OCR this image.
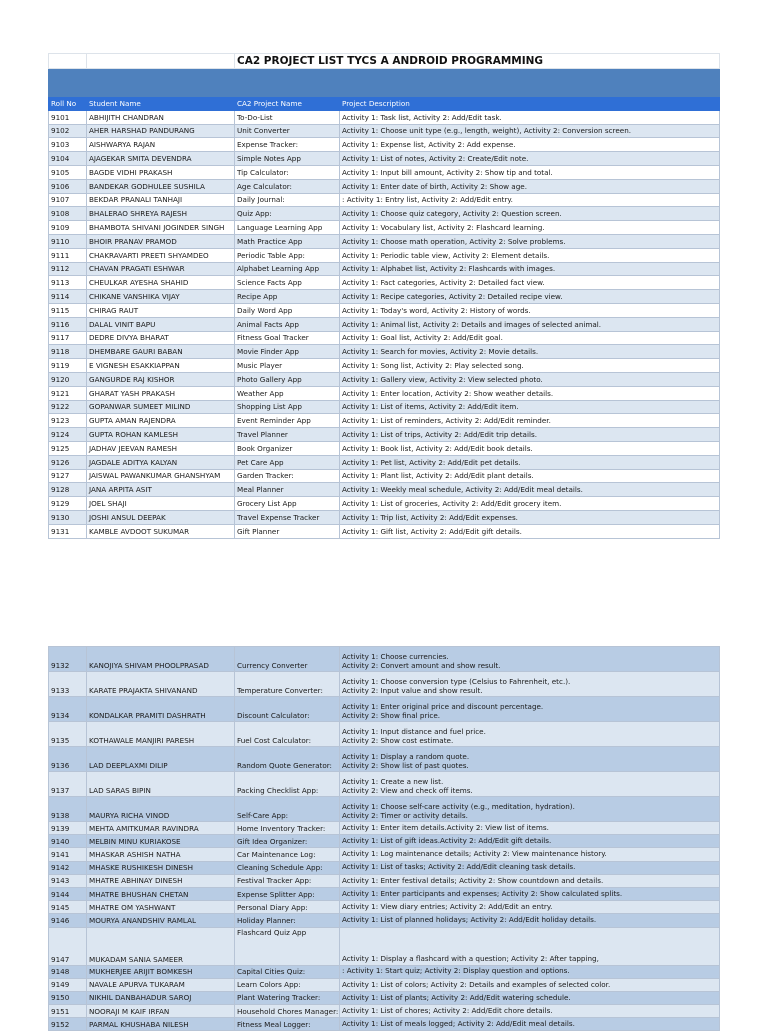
		CA2 PROJECT LIST TYCS A ANDROID PROGRAMMING	

Roll No	Student Name	CA2 Project Name	Project Description
9101	ABHIJITH CHANDRAN	To-Do-List	Activity 1: Task list, Activity 2: Add/Edit task.
9102	AHER HARSHAD PANDURANG	Unit Converter	Activity 1: Choose unit type (e.g., length, weight), Activity 2: Conversion screen.
9103	AISHWARYA RAJAN	Expense Tracker:	Activity 1: Expense list, Activity 2: Add expense.
9104	AJAGEKAR SMITA DEVENDRA	Simple Notes App	Activity 1: List of notes, Activity 2: Create/Edit note.
9105	BAGDE VIDHI PRAKASH	Tip Calculator:	Activity 1: Input bill amount, Activity 2: Show tip and total.
9106	BANDEKAR GODHULEE SUSHILA	Age Calculator:	Activity 1: Enter date of birth, Activity 2: Show age.
9107	BEKDAR PRANALI TANHAJI	Daily Journal:	: Activity 1: Entry list, Activity 2: Add/Edit entry.
9108	BHALERAO SHREYA RAJESH	Quiz App:	Activity 1: Choose quiz category, Activity 2: Question screen.
9109	BHAMBOTA SHIVANI JOGINDER SINGH	Language Learning App	Activity 1: Vocabulary list, Activity 2: Flashcard learning.
9110	BHOIR PRANAV PRAMOD	Math Practice App	Activity 1: Choose math operation, Activity 2: Solve problems.
9111	CHAKRAVARTI PREETI SHYAMDEO	Periodic Table App:	Activity 1: Periodic table view, Activity 2: Element details.
9112	CHAVAN PRAGATI ESHWAR	Alphabet Learning App	Activity 1: Alphabet list, Activity 2: Flashcards with images.
9113	CHEULKAR AYESHA SHAHID	Science Facts App	Activity 1: Fact categories, Activity 2: Detailed fact view.
9114	CHIKANE VANSHIKA VIJAY	Recipe App	Activity 1: Recipe categories, Activity 2: Detailed recipe view.
9115	CHIRAG RAUT	Daily Word App	Activity 1: Today's word, Activity 2: History of words.
9116	DALAL VINIT BAPU	Animal Facts App	Activity 1: Animal list, Activity 2: Details and images of selected animal.
9117	DEDRE DIVYA BHARAT	Fitness Goal Tracker	Activity 1: Goal list, Activity 2: Add/Edit goal.
9118	DHEMBARE GAURI BABAN	Movie Finder App	Activity 1: Search for movies, Activity 2: Movie details.
9119	E VIGNESH ESAKKIAPPAN	Music Player	Activity 1: Song list, Activity 2: Play selected song.
9120	GANGURDE RAJ KISHOR	Photo Gallery App	Activity 1: Gallery view, Activity 2: View selected photo.
9121	GHARAT YASH PRAKASH	Weather App	Activity 1: Enter location, Activity 2: Show weather details.
9122	GOPANWAR SUMEET MILIND	Shopping List App	Activity 1: List of items, Activity 2: Add/Edit item.
9123	GUPTA AMAN RAJENDRA	Event Reminder App	Activity 1: List of reminders, Activity 2: Add/Edit reminder.
9124	GUPTA ROHAN KAMLESH	Travel Planner	Activity 1: List of trips, Activity 2: Add/Edit trip details.
9125	JADHAV JEEVAN RAMESH	Book Organizer	Activity 1: Book list, Activity 2: Add/Edit book details.
9126	JAGDALE ADITYA KALYAN	Pet Care App	Activity 1: Pet list, Activity 2: Add/Edit pet details.
9127	JAISWAL PAWANKUMAR GHANSHYAM	Garden Tracker:	Activity 1: Plant list, Activity 2: Add/Edit plant details.
9128	JANA ARPITA ASIT	Meal Planner	Activity 1: Weekly meal schedule, Activity 2: Add/Edit meal details.
9129	JOEL SHAJI	Grocery List App	Activity 1: List of groceries, Activity 2: Add/Edit grocery item.
9130	JOSHI ANSUL DEEPAK	Travel Expense Tracker	Activity 1: Trip list, Activity 2: Add/Edit expenses.
9131	KAMBLE AVDOOT SUKUMAR	Gift Planner	Activity 1: Gift list, Activity 2: Add/Edit gift details.
9132	KANOJIYA SHIVAM PHOOLPRASAD	Currency Converter	Activity 1: Choose currencies.
Activity 2: Convert amount and show result.

9133	KARATE PRAJAKTA SHIVANAND	Temperature Converter:	Activity 1: Choose conversion type (Celsius to Fahrenheit, etc.).
Activity 2: Input value and show result.

9134	KONDALKAR PRAMITI DASHRATH	Discount Calculator:	Activity 1: Enter original price and discount percentage.
Activity 2: Show final price.

9135	KOTHAWALE MANJIRI PARESH	Fuel Cost Calculator:	Activity 1: Input distance and fuel price.
Activity 2: Show cost estimate.

9136	LAD DEEPLAXMI DILIP	Random Quote Generator:	Activity 1: Display a random quote.
Activity 2: Show list of past quotes.

9137	LAD SARAS BIPIN	Packing Checklist App:	Activity 1: Create a new list.
Activity 2: View and check off items.

9138	MAURYA RICHA VINOD	Self-Care App:	Activity 1: Choose self-care activity (e.g., meditation, hydration).
Activity 2: Timer or activity details.

9139	MEHTA AMITKUMAR RAVINDRA	Home Inventory Tracker:	Activity 1: Enter item details.Activity 2: View list of items.

9140	MELBIN MINU KURIAKOSE	Gift Idea Organizer:	Activity 1: List of gift ideas.Activity 2: Add/Edit gift details.

9141	MHASKAR ASHISH NATHA	Car Maintenance Log:	Activity 1: Log maintenance details; Activity 2: View maintenance history.

9142	MHASKE RUSHIKESH DINESH	Cleaning Schedule App:	Activity 1: List of tasks; Activity 2: Add/Edit cleaning task details.

9143	MHATRE ABHINAY DINESH	Festival Tracker App:	Activity 1: Enter festival details; Activity 2: Show countdown and details.

9144	MHATRE BHUSHAN CHETAN	Expense Splitter App:	Activity 1: Enter participants and expenses; Activity 2: Show calculated splits.

9145	MHATRE OM YASHWANT	Personal Diary App:	Activity 1: View diary entries; Activity 2: Add/Edit an entry.

9146	MOURYA ANANDSHIV RAMLAL	Holiday Planner:	Activity 1: List of planned holidays; Activity 2: Add/Edit holiday details.

9147	MUKADAM SANIA SAMEER	Flashcard Quiz App	Activity 1: Display a flashcard with a question; Activity 2: After tapping,

9148	MUKHERJEE ARIJIT BOMKESH	Capital Cities Quiz:	: Activity 1: Start quiz; Activity 2: Display question and options.

9149	NAVALE APURVA TUKARAM	Learn Colors App:	Activity 1: List of colors; Activity 2: Details and examples of selected color.

9150	NIKHIL DANBAHADUR SAROJ	Plant Watering Tracker:	Activity 1: List of plants; Activity 2: Add/Edit watering schedule.

9151	NOORAJI M KAIF IRFAN	Household Chores Manager:	Activity 1: List of chores; Activity 2: Add/Edit chore details.

9152	PARMAL KHUSHABA NILESH	Fitness Meal Logger:	Activity 1: List of meals logged; Activity 2: Add/Edit meal details.
